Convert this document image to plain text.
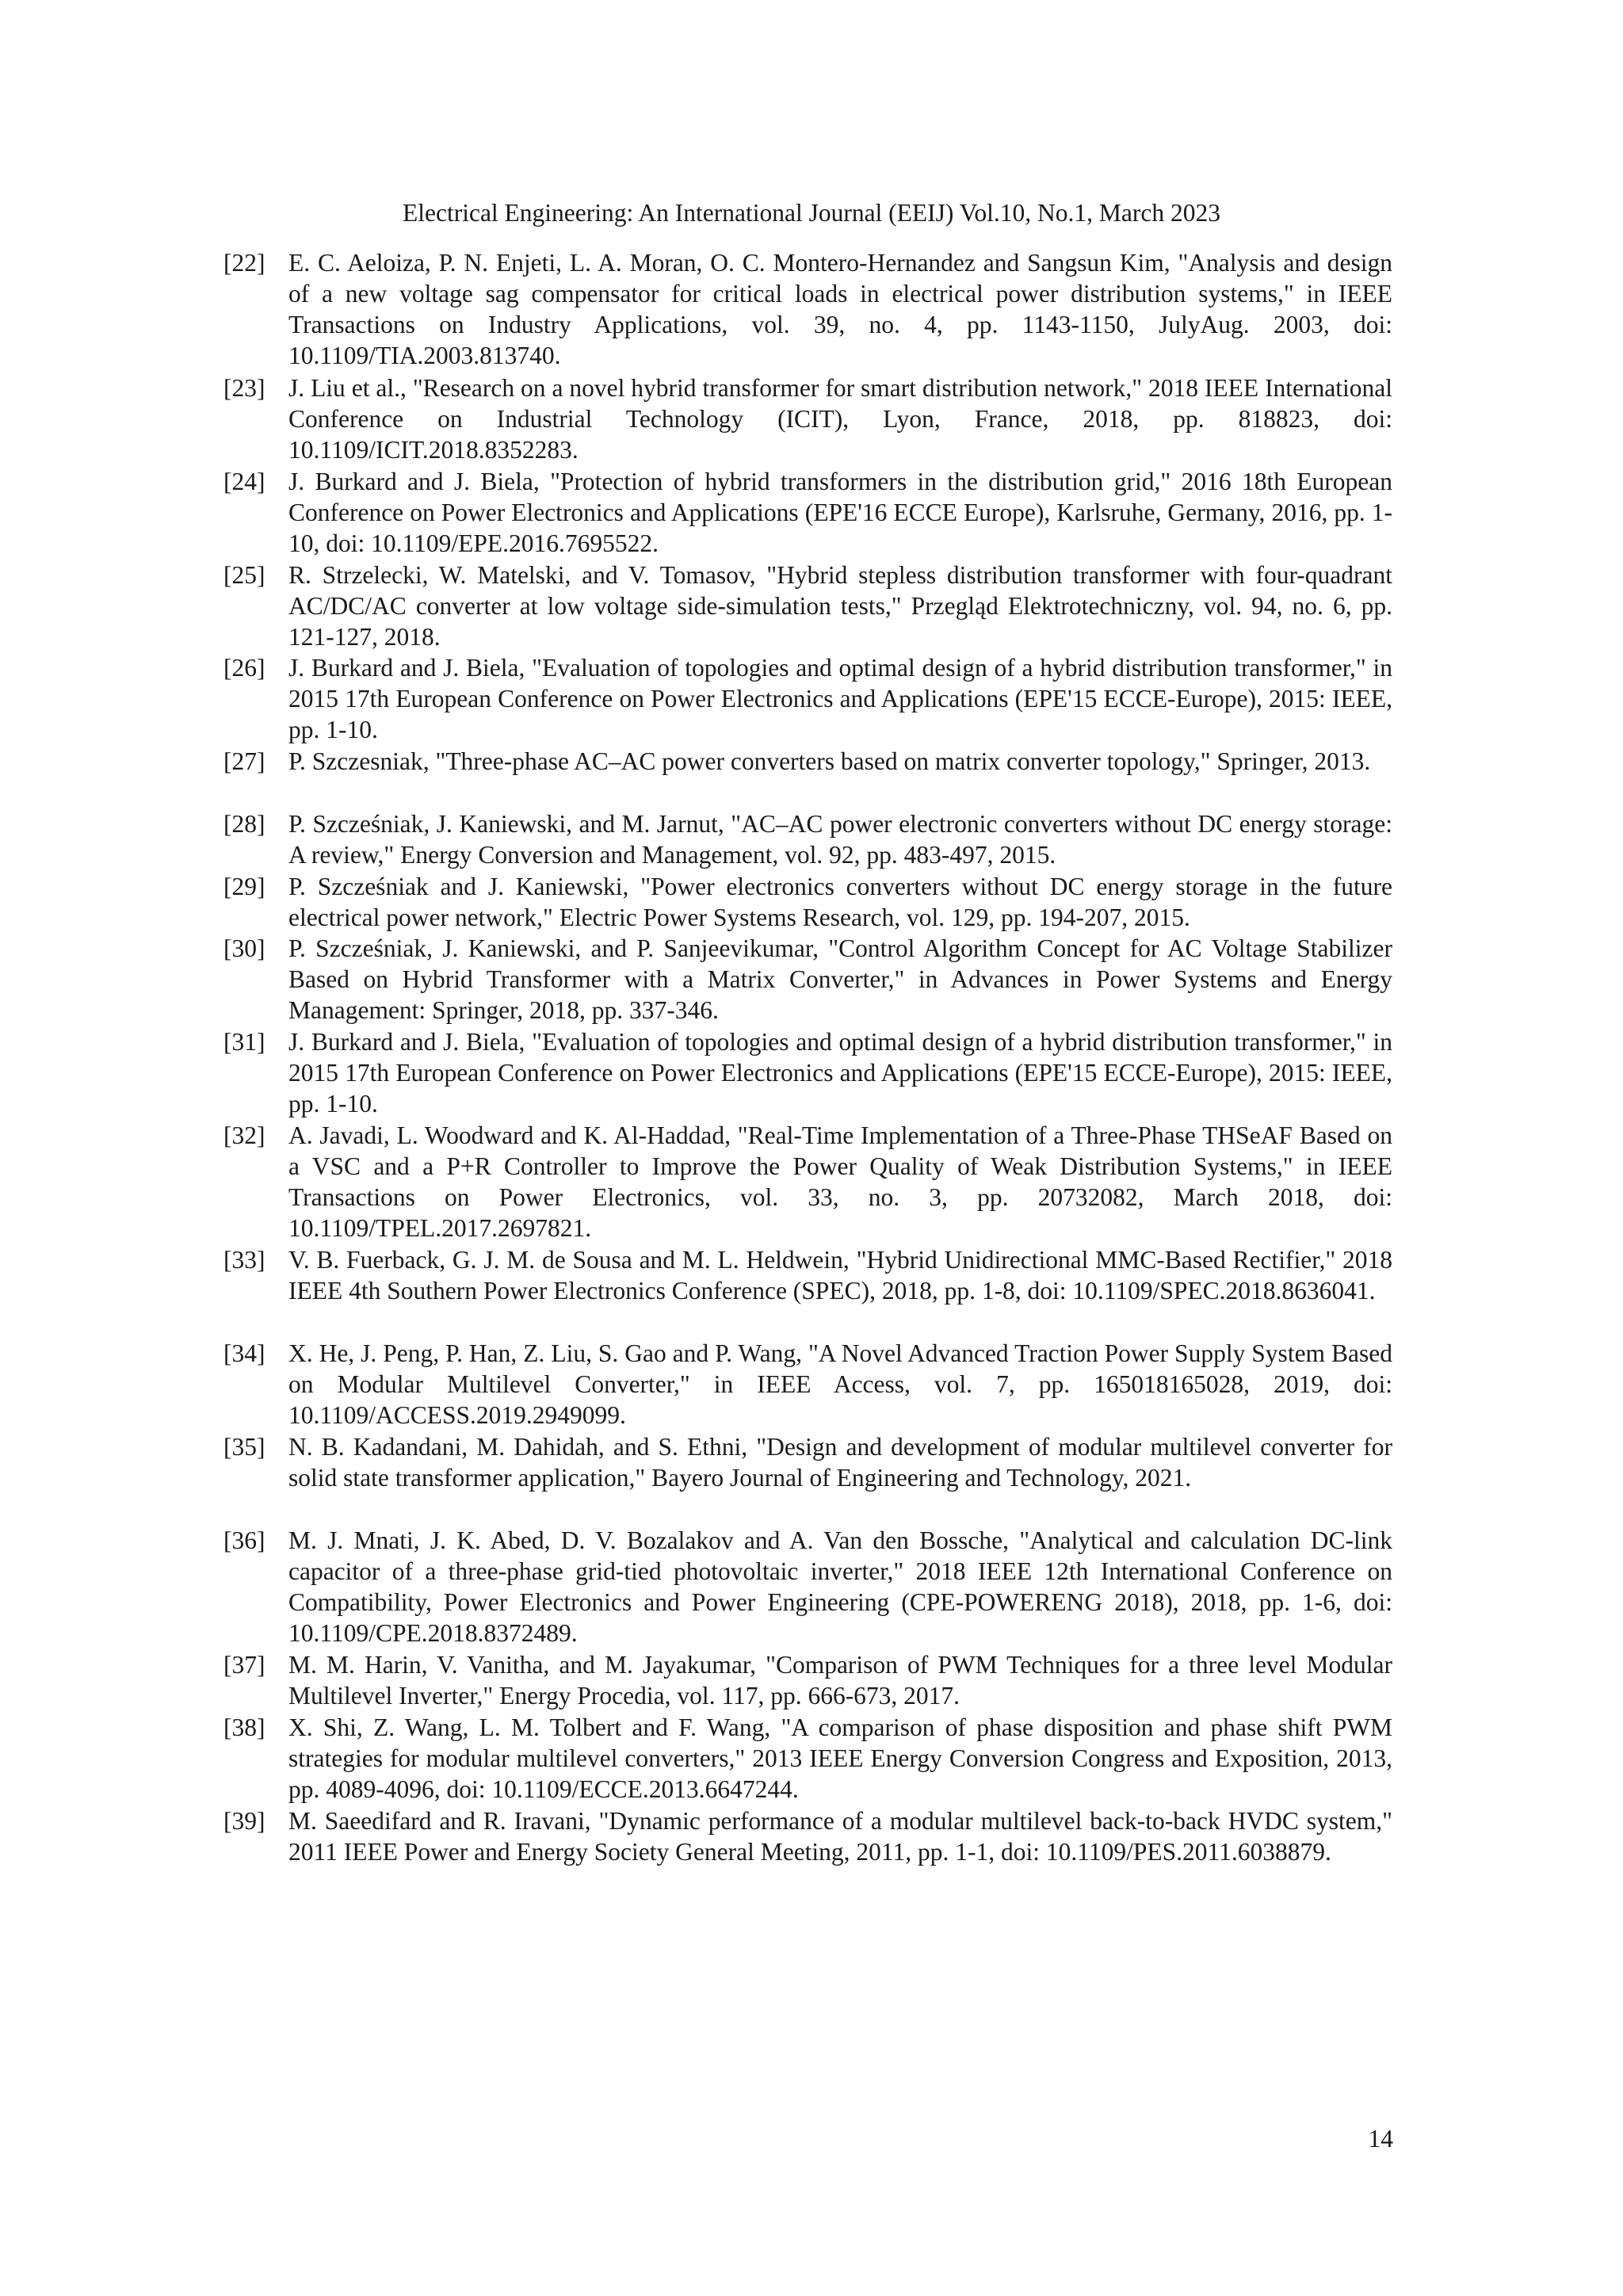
Electrical Engineering: An International Journal (EEIJ) Vol.10, No.1, March 2023
[22] E. C. Aeloiza, P. N. Enjeti, L. A. Moran, O. C. Montero-Hernandez and Sangsun Kim, "Analysis and design of a new voltage sag compensator for critical loads in electrical power distribution systems," in IEEE Transactions on Industry Applications, vol. 39, no. 4, pp. 1143-1150, JulyAug. 2003, doi: 10.1109/TIA.2003.813740.
[23] J. Liu et al., "Research on a novel hybrid transformer for smart distribution network," 2018 IEEE International Conference on Industrial Technology (ICIT), Lyon, France, 2018, pp. 818823, doi: 10.1109/ICIT.2018.8352283.
[24] J. Burkard and J. Biela, "Protection of hybrid transformers in the distribution grid," 2016 18th European Conference on Power Electronics and Applications (EPE'16 ECCE Europe), Karlsruhe, Germany, 2016, pp. 1-10, doi: 10.1109/EPE.2016.7695522.
[25] R. Strzelecki, W. Matelski, and V. Tomasov, "Hybrid stepless distribution transformer with four-quadrant AC/DC/AC converter at low voltage side-simulation tests," Przegląd Elektrotechniczny, vol. 94, no. 6, pp. 121-127, 2018.
[26] J. Burkard and J. Biela, "Evaluation of topologies and optimal design of a hybrid distribution transformer," in 2015 17th European Conference on Power Electronics and Applications (EPE'15 ECCE-Europe), 2015: IEEE, pp. 1-10.
[27] P. Szczesniak, "Three-phase AC–AC power converters based on matrix converter topology," Springer, 2013.
[28] P. Szcześniak, J. Kaniewski, and M. Jarnut, "AC–AC power electronic converters without DC energy storage: A review," Energy Conversion and Management, vol. 92, pp. 483-497, 2015.
[29] P. Szcześniak and J. Kaniewski, "Power electronics converters without DC energy storage in the future electrical power network," Electric Power Systems Research, vol. 129, pp. 194-207, 2015.
[30] P. Szcześniak, J. Kaniewski, and P. Sanjeevikumar, "Control Algorithm Concept for AC Voltage Stabilizer Based on Hybrid Transformer with a Matrix Converter," in Advances in Power Systems and Energy Management: Springer, 2018, pp. 337-346.
[31] J. Burkard and J. Biela, "Evaluation of topologies and optimal design of a hybrid distribution transformer," in 2015 17th European Conference on Power Electronics and Applications (EPE'15 ECCE-Europe), 2015: IEEE, pp. 1-10.
[32] A. Javadi, L. Woodward and K. Al-Haddad, "Real-Time Implementation of a Three-Phase THSeAF Based on a VSC and a P+R Controller to Improve the Power Quality of Weak Distribution Systems," in IEEE Transactions on Power Electronics, vol. 33, no. 3, pp. 20732082, March 2018, doi: 10.1109/TPEL.2017.2697821.
[33] V. B. Fuerback, G. J. M. de Sousa and M. L. Heldwein, "Hybrid Unidirectional MMC-Based Rectifier," 2018 IEEE 4th Southern Power Electronics Conference (SPEC), 2018, pp. 1-8, doi: 10.1109/SPEC.2018.8636041.
[34] X. He, J. Peng, P. Han, Z. Liu, S. Gao and P. Wang, "A Novel Advanced Traction Power Supply System Based on Modular Multilevel Converter," in IEEE Access, vol. 7, pp. 165018165028, 2019, doi: 10.1109/ACCESS.2019.2949099.
[35] N. B. Kadandani, M. Dahidah, and S. Ethni, "Design and development of modular multilevel converter for solid state transformer application," Bayero Journal of Engineering and Technology, 2021.
[36] M. J. Mnati, J. K. Abed, D. V. Bozalakov and A. Van den Bossche, "Analytical and calculation DC-link capacitor of a three-phase grid-tied photovoltaic inverter," 2018 IEEE 12th International Conference on Compatibility, Power Electronics and Power Engineering (CPE-POWERENG 2018), 2018, pp. 1-6, doi: 10.1109/CPE.2018.8372489.
[37] M. M. Harin, V. Vanitha, and M. Jayakumar, "Comparison of PWM Techniques for a three level Modular Multilevel Inverter," Energy Procedia, vol. 117, pp. 666-673, 2017.
[38] X. Shi, Z. Wang, L. M. Tolbert and F. Wang, "A comparison of phase disposition and phase shift PWM strategies for modular multilevel converters," 2013 IEEE Energy Conversion Congress and Exposition, 2013, pp. 4089-4096, doi: 10.1109/ECCE.2013.6647244.
[39] M. Saeedifard and R. Iravani, "Dynamic performance of a modular multilevel back-to-back HVDC system," 2011 IEEE Power and Energy Society General Meeting, 2011, pp. 1-1, doi: 10.1109/PES.2011.6038879.
14
